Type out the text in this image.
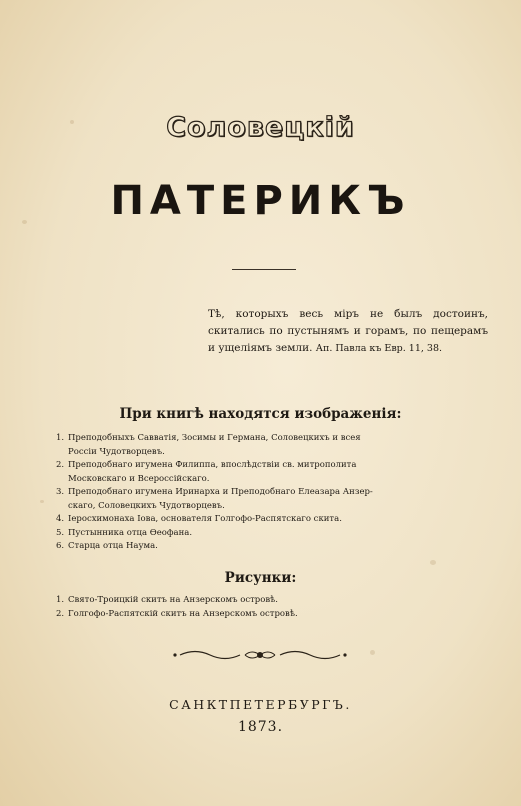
Соловецкій
ПАТЕРИКЪ
Тѣ, которыхъ весь міръ не былъ достоинъ, скитались по пустынямъ и горамъ, по пещерамъ и ущеліямъ земли. Ап. Павла къ Евр. 11, 38.
При книгѣ находятся изображенія:
1. Преподобныхъ Савватія, Зосимы и Германа, Соловецкихъ и всея
Россіи Чудотворцевъ.
2. Преподобнаго игумена Филиппа, впослѣдствіи св. митрополита
Московскаго и Всероссійскаго.
3. Преподобнаго игумена Иринарха и Преподобнаго Елеазара Анзер-
скаго, Соловецкихъ Чудотворцевъ.
4. Іеросхимонаха Іова, основателя Голгофо-Распятскаго скита.
5. Пустынника отца Ѳеофана.
6. Старца отца Наума.
Рисунки:
1. Свято-Троицкій скитъ на Анзерскомъ островѣ.
2. Голгофо-Распятскій скитъ на Анзерскомъ островѣ.
САНКТПЕТЕРБУРГЪ.
1873.
